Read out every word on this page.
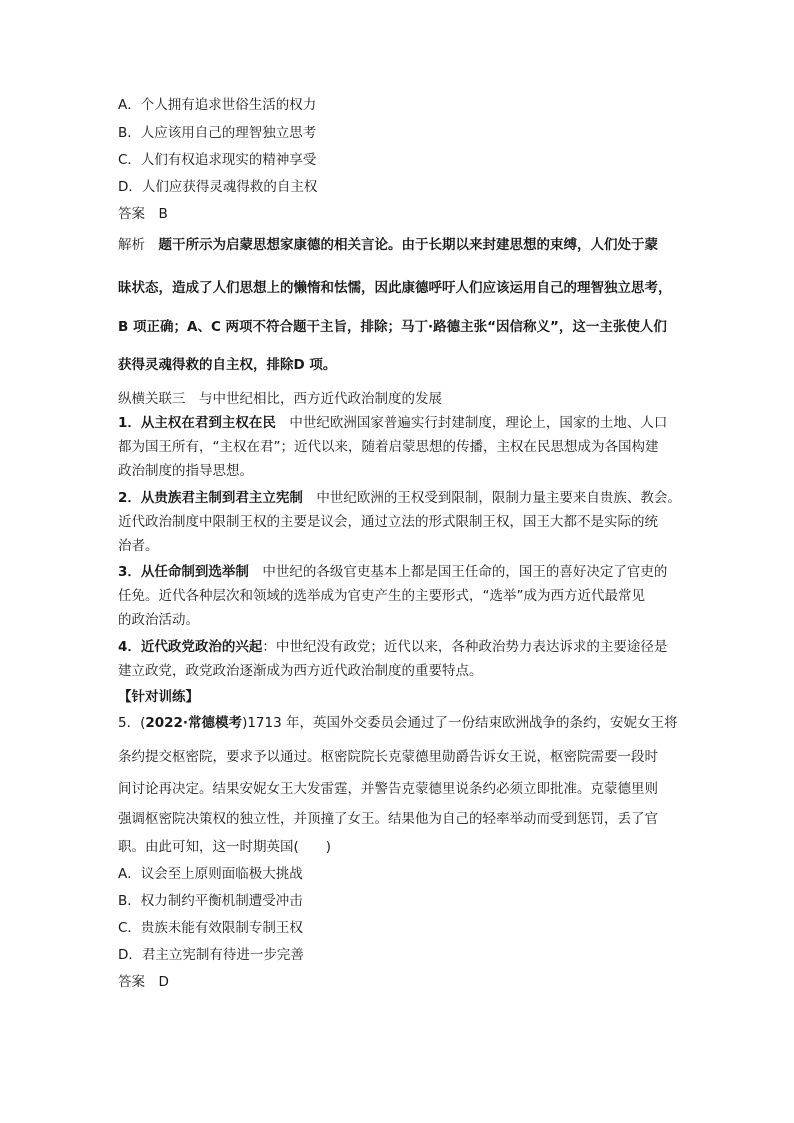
A．个人拥有追求世俗生活的权力
B．人应该用自己的理智独立思考
C．人们有权追求现实的精神享受
D．人们应获得灵魂得救的自主权
答案　B
解析　题干所示为启蒙思想家康德的相关言论。由于长期以来封建思想的束缚，人们处于蒙
昧状态，造成了人们思想上的懒惰和怯懦，因此康德呼吁人们应该运用自己的理智独立思考，
B 项正确；A、C 两项不符合题干主旨，排除；马丁·路德主张“因信称义”，这一主张使人们
获得灵魂得救的自主权，排除D 项。
纵横关联三　与中世纪相比，西方近代政治制度的发展
1．从主权在君到主权在民　 中世纪欧洲国家普遍实行封建制度，理论上，国家的土地、人口
都为国王所有，“主权在君”；近代以来，随着启蒙思想的传播，主权在民思想成为各国构建
政治制度的指导思想。
2．从贵族君主制到君主立宪制　 中世纪欧洲的王权受到限制，限制力量主要来自贵族、教会。
近代政治制度中限制王权的主要是议会，通过立法的形式限制王权，国王大都不是实际的统
治者。
3．从任命制到选举制　 中世纪的各级官吏基本上都是国王任命的，国王的喜好决定了官吏的
任免。近代各种层次和领域的选举成为官吏产生的主要形式，“选举”成为西方近代最常见
的政治活动。
4．近代政党政治的兴起：中世纪没有政党；近代以来，各种政治势力表达诉求的主要途径是
建立政党，政党政治逐渐成为西方近代政治制度的重要特点。
【针对训练】
5．(2022·常德模考)1713 年，英国外交委员会通过了一份结束欧洲战争的条约，安妮女王将
条约提交枢密院，要求予以通过。枢密院院长克蒙德里勋爵告诉女王说，枢密院需要一段时
间讨论再决定。结果安妮女王大发雷霆，并警告克蒙德里说条约必须立即批准。克蒙德里则
强调枢密院决策权的独立性，并顶撞了女王。结果他为自己的轻率举动而受到惩罚，丢了官
职。由此可知，这一时期英国(　　)
A．议会至上原则面临极大挑战
B．权力制约平衡机制遭受冲击
C．贵族未能有效限制专制王权
D．君主立宪制有待进一步完善
答案　D
